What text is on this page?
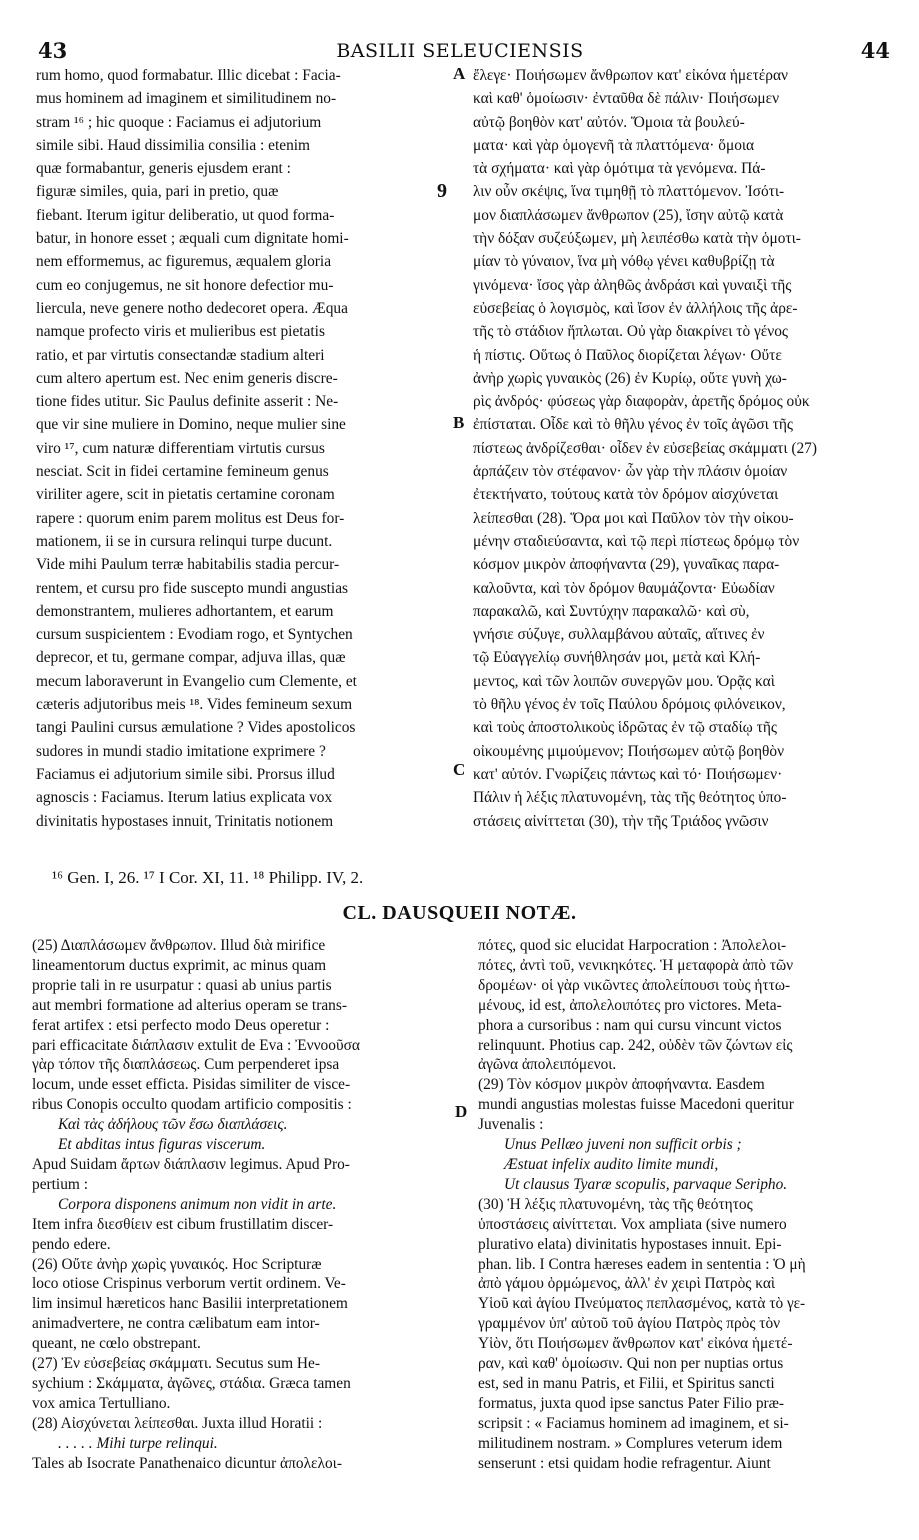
43	BASILII SELEUCIENSIS	44
rum homo, quod formabatur. Illic dicebat : Facia-
mus hominem ad imaginem et similitudinem no-
stram ¹⁶ ; hic quoque : Faciamus ei adjutorium
simile sibi. Haud dissimilia consilia : etenim
quæ formabantur, generis ejusdem erant :
figuræ similes, quia, pari in pretio, quæ
fiebant. Iterum igitur deliberatio, ut quod forma-
batur, in honore esset ; æquali cum dignitate homi-
nem efformemus, ac figuremus, æqualem gloria
cum eo conjugemus, ne sit honore defectior mu-
liercula, neve genere notho dedecoret opera. Æqua
namque profecto viris et mulieribus est pietatis
ratio, et par virtutis consectandæ stadium alteri
cum altero apertum est. Nec enim generis discre-
tione fides utitur. Sic Paulus definite asserit : Ne-
que vir sine muliere in Domino, neque mulier sine
viro ¹⁷, cum naturæ differentiam virtutis cursus
nesciat. Scit in fidei certamine femineum genus
viriliter agere, scit in pietatis certamine coronam
rapere : quorum enim parem molitus est Deus for-
mationem, ii se in cursura relinqui turpe ducunt.
Vide mihi Paulum terræ habitabilis stadia percur-
rentem, et cursu pro fide suscepto mundi angustias
demonstrantem, mulieres adhortantem, et earum
cursum suspicientem : Evodiam rogo, et Syntychen
deprecor, et tu, germane compar, adjuva illas, quæ
mecum laboraverunt in Evangelio cum Clemente, et
cæteris adjutoribus meis ¹⁸. Vides femineum sexum
tangi Paulini cursus æmulatione ? Vides apostolicos
sudores in mundi stadio imitatione exprimere ?
Faciamus ei adjutorium simile sibi. Prorsus illud
agnoscis : Faciamus. Iterum latius explicata vox
divinitatis hypostases innuit, Trinitatis notionem
ἔλεγε· Ποιήσωμεν ἄνθρωπον κατ' εἰκόνα ἡμετέραν
καὶ καθ' ὁμοίωσιν· ἐνταῦθα δὲ πάλιν· Ποιήσωμεν
αὐτῷ βοηθὸν κατ' αὐτόν. Ὅμοια τὰ βουλεύ-
ματα· καὶ γὰρ ὁμογενῆ τὰ πλαττόμενα· ὅμοια
τὰ σχήματα· καὶ γὰρ ὁμότιμα τὰ γενόμενα. Πά-
λιν οὖν σκέψις, ἵνα τιμηθῇ τὸ πλαττόμενον. Ἰσότι-
μον διαπλάσωμεν ἄνθρωπον (25), ἴσην αὐτῷ κατὰ
τὴν δόξαν συζεύξωμεν, μὴ λειπέσθω κατὰ τὴν ὁμοτι-
μίαν τὸ γύναιον, ἵνα μὴ νόθῳ γένει καθυβρίζῃ τὰ
γινόμενα· ἴσος γὰρ ἀληθῶς ἀνδράσι καὶ γυναιξὶ τῆς
εὐσεβείας ὁ λογισμὸς, καὶ ἴσον ἐν ἀλλήλοις τῆς ἀρε-
τῆς τὸ στάδιον ἥπλωται. Οὐ γὰρ διακρίνει τὸ γένος
ἡ πίστις. Οὕτως ὁ Παῦλος διορίζεται λέγων· Οὔτε
ἀνὴρ χωρὶς γυναικὸς (26) ἐν Κυρίῳ, οὔτε γυνὴ χω-
ρὶς ἀνδρός· φύσεως γὰρ διαφορὰν, ἀρετῆς δρόμος οὐκ
ἐπίσταται. Οἶδε καὶ τὸ θῆλυ γένος ἐν τοῖς ἀγῶσι τῆς
πίστεως ἀνδρίζεσθαι· οἶδεν ἐν εὐσεβείας σκάμματι (27)
ἁρπάζειν τὸν στέφανον· ὧν γὰρ τὴν πλάσιν ὁμοίαν
ἐτεκτήνατο, τούτους κατὰ τὸν δρόμον αἰσχύνεται
λείπεσθαι (28). Ὅρα μοι καὶ Παῦλον τὸν τὴν οἰκου-
μένην σταδιεύσαντα, καὶ τῷ περὶ πίστεως δρόμῳ τὸν
κόσμον μικρὸν ἀποφήναντα (29), γυναῖκας παρα-
καλοῦντα, καὶ τὸν δρόμον θαυμάζοντα· Εὐωδίαν
παρακαλῶ, καὶ Συντύχην παρακαλῶ· καὶ σὺ,
γνήσιε σύζυγε, συλλαμβάνου αὐταῖς, αἵτινες ἐν
τῷ Εὐαγγελίῳ συνήθλησάν μοι, μετὰ καὶ Κλή-
μεντος, καὶ τῶν λοιπῶν συνεργῶν μου. Ὁρᾷς καὶ
τὸ θῆλυ γένος ἐν τοῖς Παύλου δρόμοις φιλόνεικον,
καὶ τοὺς ἀποστολικοὺς ἱδρῶτας ἐν τῷ σταδίῳ τῆς
οἰκουμένης μιμούμενον; Ποιήσωμεν αὐτῷ βοηθὸν
κατ' αὐτόν. Γνωρίζεις πάντως καὶ τό· Ποιήσωμεν·
Πάλιν ἡ λέξις πλατυνομένη, τὰς τῆς θεότητος ὑπο-
στάσεις αἰνίττεται (30), τὴν τῆς Τριάδος γνῶσιν
A
9
B
C
D
¹⁶ Gen. I, 26. ¹⁷ I Cor. XI, 11. ¹⁸ Philipp. IV, 2.
CL. DAUSQUEII NOTÆ.
(25) Διαπλάσωμεν ἄνθρωπον. Illud διὰ mirifice
lineamentorum ductus exprimit, ac minus quam
proprie tali in re usurpatur : quasi ab unius partis
aut membri formatione ad alterius operam se trans-
ferat artifex : etsi perfecto modo Deus operetur :
pari efficacitate διάπλασιν extulit de Eva : Ἐννοοῦσα
γὰρ τόπον τῆς διαπλάσεως. Cum perpenderet ipsa
locum, unde esset efficta. Pisidas similiter de visce-
ribus Conopis occulto quodam artificio compositis :
Καὶ τὰς ἀδήλους τῶν ἔσω διαπλάσεις.
Et abditas intus figuras viscerum.
Apud Suidam ἄρτων διάπλασιν legimus. Apud Pro-
pertium :
Corpora disponens animum non vidit in arte.
Item infra διεσθίειν est cibum frustillatim discer-
pendo edere.
(26) Οὔτε ἀνὴρ χωρὶς γυναικός. Hoc Scripturæ
loco otiose Crispinus verborum vertit ordinem. Ve-
lim insimul hæreticos hanc Basilii interpretationem
animadvertere, ne contra cælibatum eam intor-
queant, ne cœlo obstrepant.
(27) Ἐν εὐσεβείας σκάμματι. Secutus sum He-
sychium : Σκάμματα, ἀγῶνες, στάδια. Græca tamen
vox amica Tertulliano.
(28) Αἰσχύνεται λείπεσθαι. Juxta illud Horatii :
. . . . . Mihi turpe relinqui.
Tales ab Isocrate Panathenaico dicuntur ἀπολελοι-
πότες, quod sic elucidat Harpocration : Ἀπολελοι-
πότες, ἀντὶ τοῦ, νενικηκότες. Ἡ μεταφορὰ ἀπὸ τῶν
δρομέων· οἱ γὰρ νικῶντες ἀπολείπουσι τοὺς ἡττω-
μένους, id est, ἀπολελοιπότες pro victores. Meta-
phora a cursoribus : nam qui cursu vincunt victos
relinquunt. Photius cap. 242, οὐδὲν τῶν ζώντων εἰς
ἀγῶνα ἀπολειπόμενοι.
(29) Τὸν κόσμον μικρὸν ἀποφήναντα. Easdem
mundi angustias molestas fuisse Macedoni queritur
Juvenalis :
Unus Pellæo juveni non sufficit orbis ;
Æstuat infelix audito limite mundi,
Ut clausus Tyaræ scopulis, parvaque Seripho.
(30) Ἡ λέξις πλατυνομένη, τὰς τῆς θεότητος
ὑποστάσεις αἰνίττεται. Vox ampliata (sive numero
plurativo elata) divinitatis hypostases innuit. Epi-
phan. lib. I Contra hæreses eadem in sententia : Ὁ μὴ
ἀπὸ γάμου ὁρμώμενος, ἀλλ' ἐν χειρὶ Πατρὸς καὶ
Υἱοῦ καὶ ἁγίου Πνεύματος πεπλασμένος, κατὰ τὸ γε-
γραμμένον ὑπ' αὐτοῦ τοῦ ἁγίου Πατρὸς πρὸς τὸν
Υἱὸν, ὅτι Ποιήσωμεν ἄνθρωπον κατ' εἰκόνα ἡμετέ-
ραν, καὶ καθ' ὁμοίωσιν. Qui non per nuptias ortus
est, sed in manu Patris, et Filii, et Spiritus sancti
formatus, juxta quod ipse sanctus Pater Filio præ-
scripsit : « Faciamus hominem ad imaginem, et si-
militudinem nostram. » Complures veterum idem
senserunt : etsi quidam hodie refragentur. Aiunt
